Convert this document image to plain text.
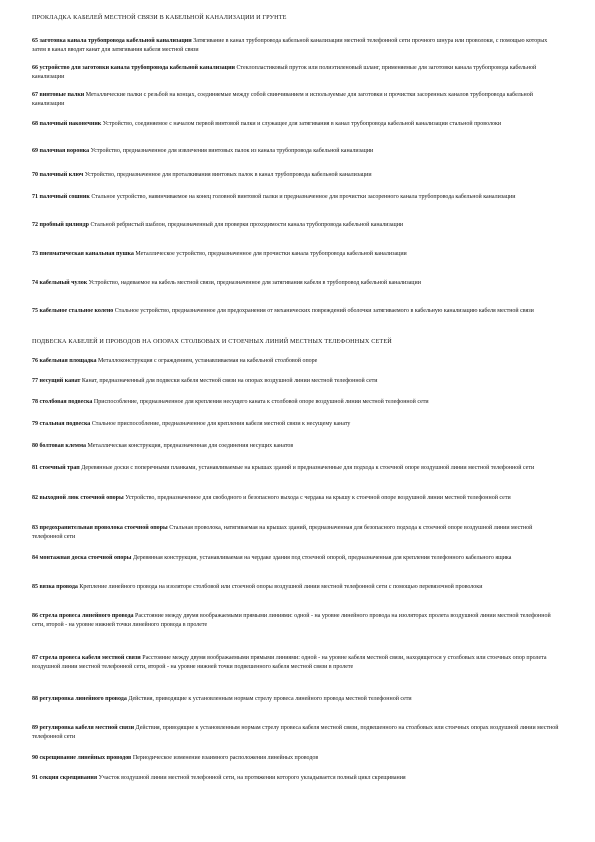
ПРОКЛАДКА КАБЕЛЕЙ МЕСТНОЙ СВЯЗИ В КАБЕЛЬНОЙ КАНАЛИЗАЦИИ И ГРУНТЕ

65 заготовка канала трубопровода кабельной канализации Затягивание в канал трубопровода кабельной канализации местной телефонной сети прочного шнура или проволоки, с помощью которых затем в канал вводят канат для затягивания кабеля местной связи

66 устройство для заготовки канала трубопровода кабельной канализации Стеклопластиковый пруток или полиэтиленовый шланг, применяемые для заготовки канала трубопровода кабельной канализации

67 винтовые палки Металлические палки с резьбой на концах, соединяемые между собой свинчиванием и используемые для заготовки и прочистки засоренных каналов трубопровода кабельной канализации

68 палочный наконечник Устройство, соединяемое с началом первой винтовой палки и служащее для затягивания в канал трубопровода кабельной канализации стальной проволоки

69 палочная воронка Устройство, предназначенное для извлечения винтовых палок из канала трубопровода кабельной канализации

70 палочный ключ Устройство, предназначенное для проталкивания винтовых палок в канал трубопровода кабельной канализации

71 палочный сошник Стальное устройство, навинчиваемое на конец головной винтовой палки и предназначенное для прочистки засоренного канала трубопровода кабельной канализации

72 пробный цилиндр Стальной ребристый шаблон, предназначенный для проверки проходимости канала трубопровода кабельной канализации

73 пневматическая канальная пушка Металлическое устройство, предназначенное для прочистки канала трубопровода кабельной канализации

74 кабельный чулок Устройство, надеваемое на кабель местной связи, предназначенное для затягивания кабеля в трубопровод кабельной канализации

75 кабельное стальное колено Стальное устройство, предназначенное для предохранения от механических повреждений оболочки затягиваемого в кабельную канализацию кабеля местной связи

ПОДВЕСКА КАБЕЛЕЙ И ПРОВОДОВ НА ОПОРАХ СТОЛБОВЫХ И СТОЕЧНЫХ ЛИНИЙ МЕСТНЫХ ТЕЛЕФОННЫХ СЕТЕЙ

76 кабельная площадка Металлоконструкция с ограждением, устанавливаемая на кабельной столбовой опоре

77 несущий канат Канат, предназначенный для подвески кабеля местной связи на опорах воздушной линии местной телефонной сети

78 столбовая подвеска Приспособление, предназначенное для крепления несущего каната к столбовой опоре воздушной линии местной телефонной сети

79 стальная подвеска Стальное приспособление, предназначенное для крепления кабеля местной связи к несущему канату

80 болтовая клемма Металлическая конструкция, предназначенная для соединения несущих канатов

81 стоечный трап Деревянные доски с поперечными планками, устанавливаемые на крышах зданий и предназначенные для подхода к стоечной опоре воздушной линии местной телефонной сети

82 выходной люк стоечной опоры Устройство, предназначенное для свободного и безопасного выхода с чердака на крышу к стоечной опоре воздушной линии местной телефонной сети

83 предохранительная проволока стоечной опоры Стальная проволока, натягиваемая на крышах зданий, предназначенная для безопасного подхода к стоечной опоре воздушной линии местной телефонной сети

84 монтажная доска стоечной опоры Деревянная конструкция, устанавливаемая на чердаке здания под стоечной опорой, предназначенная для крепления телефонного кабельного ящика

85 вязка провода Крепление линейного провода на изоляторе столбовой или стоечной опоры воздушной линии местной телефонной сети с помощью перевязочной проволоки

86 стрела провеса линейного провода Расстояние между двумя воображаемыми прямыми линиями: одной - на уровне линейного провода на изоляторах пролета воздушной линии местной телефонной сети, второй - на уровне нижней точки линейного провода в пролете

87 стрела провеса кабеля местной связи Расстояние между двумя воображаемыми прямыми линиями: одной - на уровне кабеля местной связи, находящегося у столбовых или стоечных опор пролета воздушной линии местной телефонной сети, второй - на уровне нижней точки подвешенного кабеля местной связи в пролете

88 регулировка линейного провода Действия, приводящие к установленным нормам стрелу провеса линейного провода местной телефонной сети

89 регулировка кабеля местной связи Действия, приводящие к установленным нормам стрелу провеса кабеля местной связи, подвешенного на столбовых или стоечных опорах воздушной линии местной телефонной сети

90 скрещивание линейных проводов Периодическое изменение взаимного расположения линейных проводов

91 секция скрещивания Участок воздушной линии местной телефонной сети, на протяжении которого укладывается полный цикл скрещивания
